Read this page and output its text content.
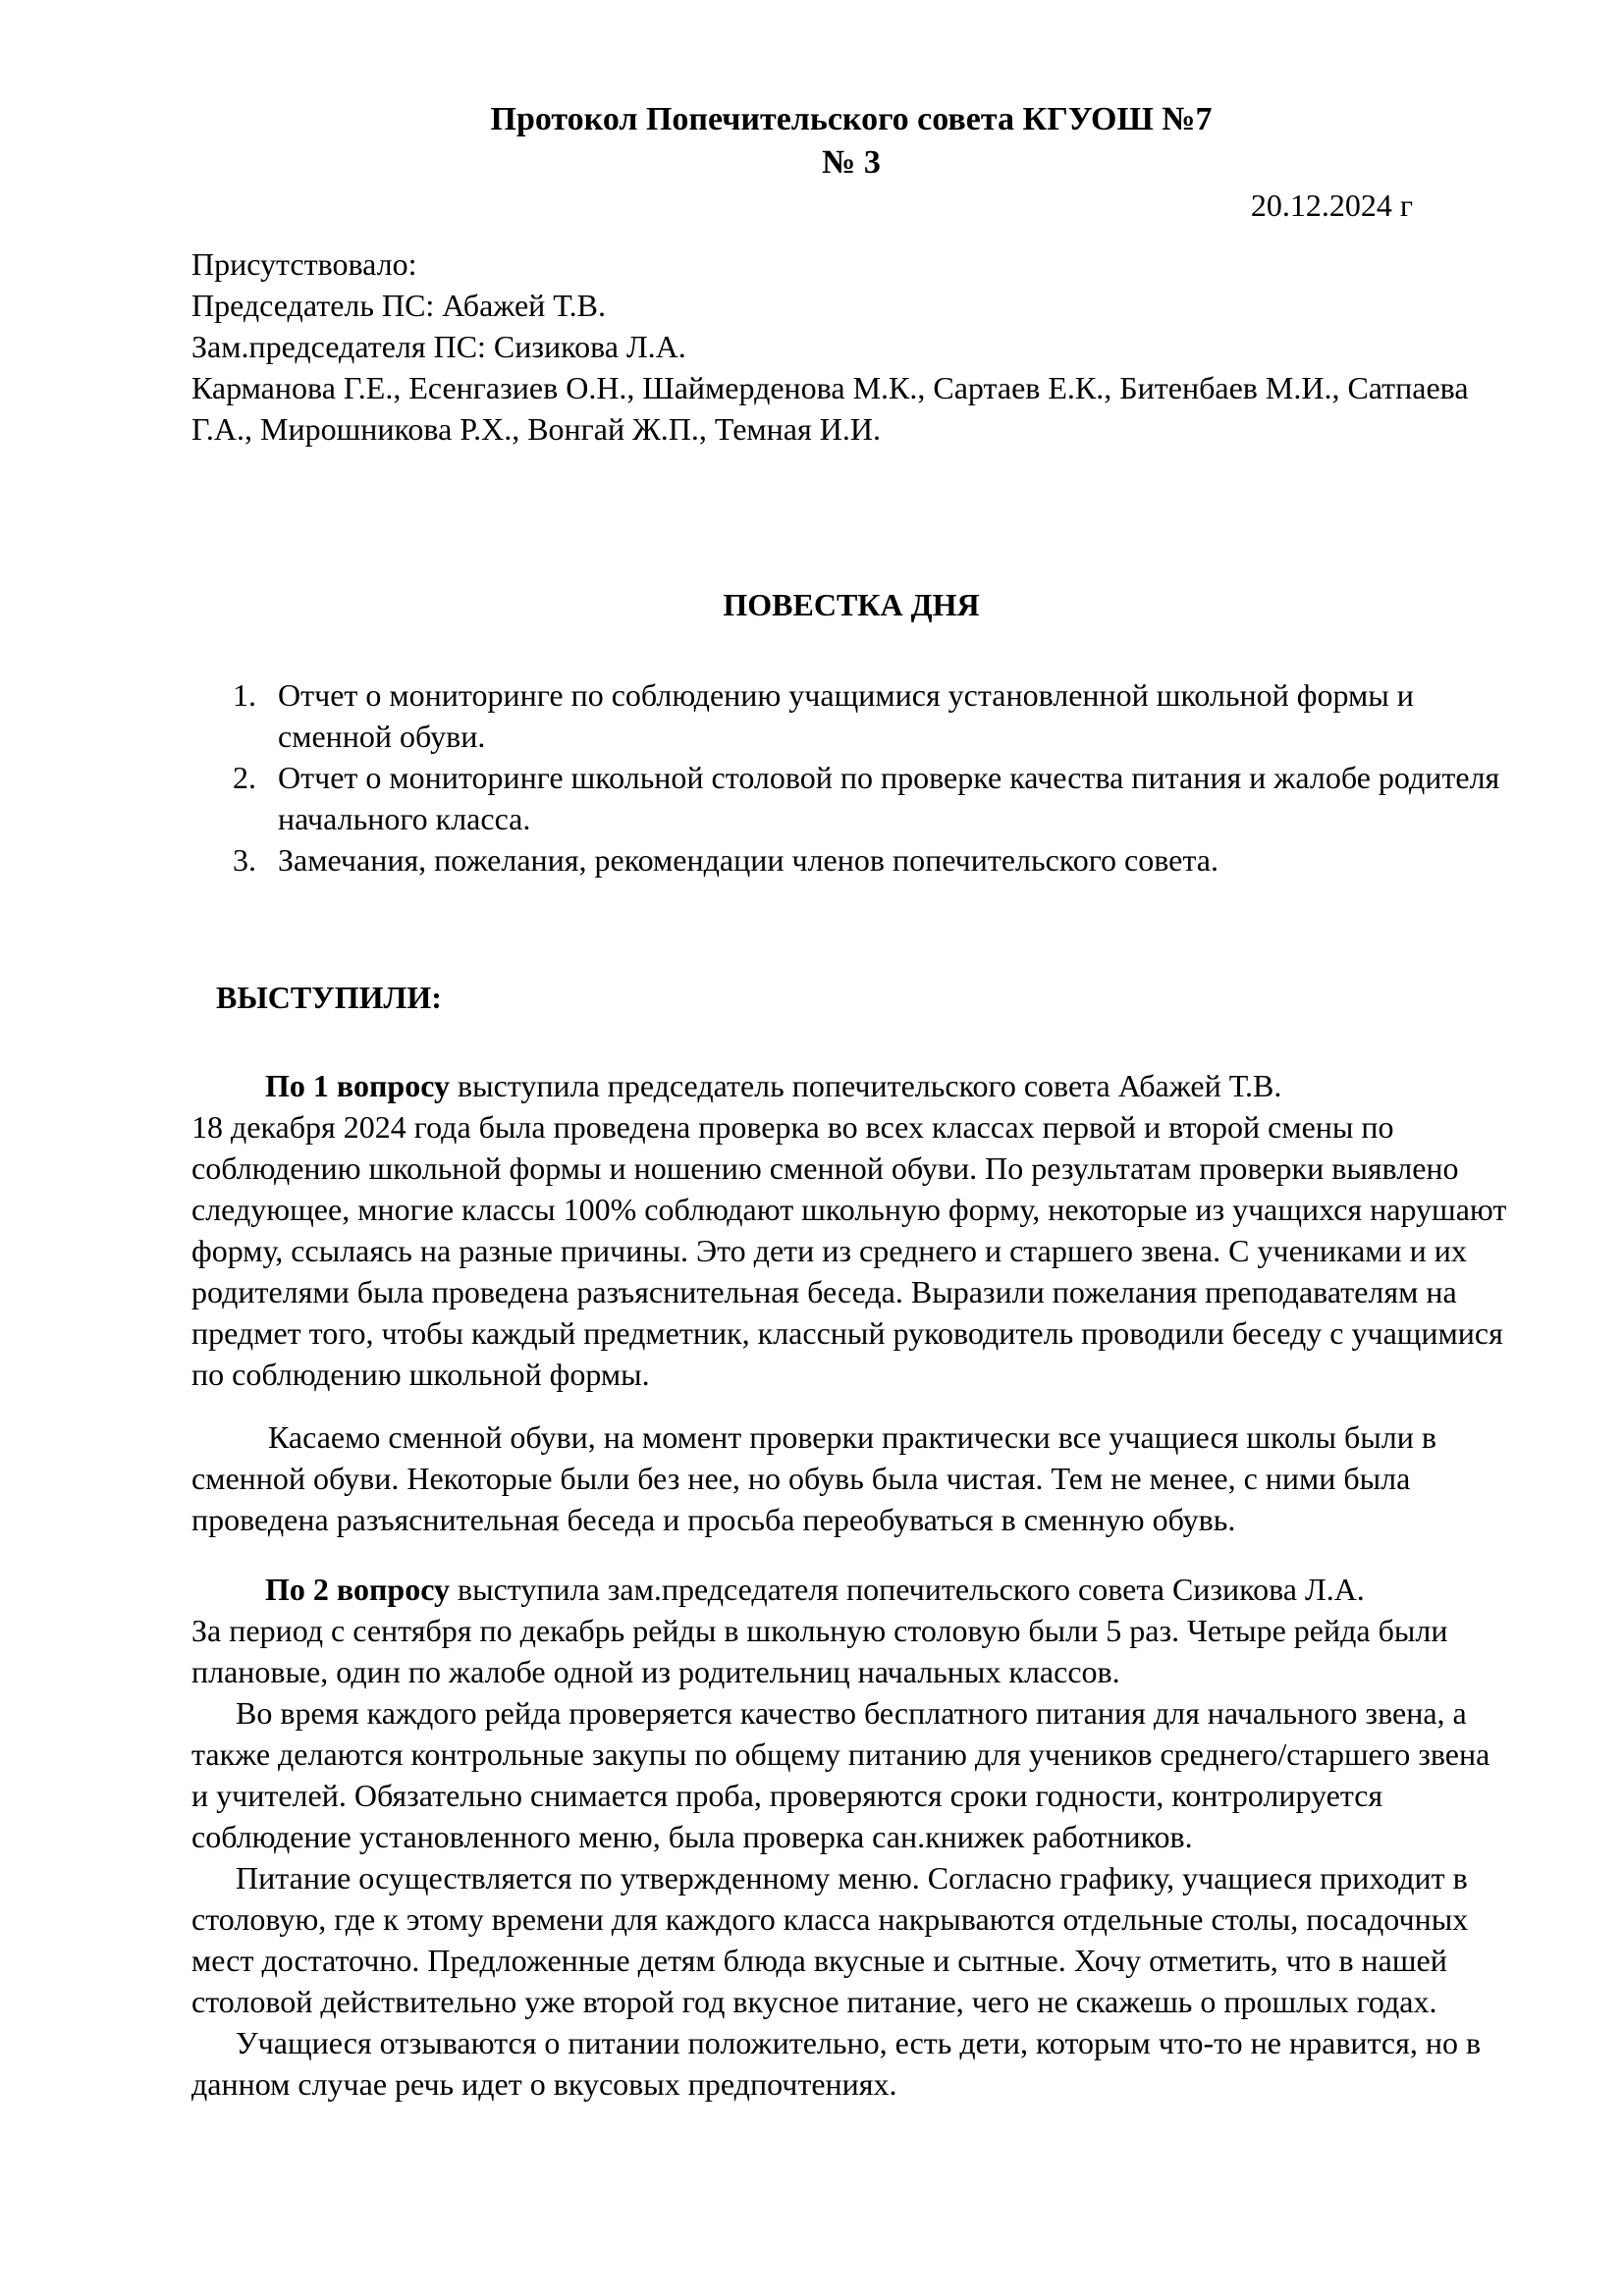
Протокол Попечительского совета КГУОШ №7
№ 3
20.12.2024 г

Присутствовало:

Председатель ПС: Абажей Т.В.

Зам.председателя ПС: Сизикова Л.А.

Карманова Г.Е., Есенгазиев О.Н., Шаймерденова М.К., Сартаев Е.К., Битенбаев М.И., Сатпаева Г.А., Мирошникова Р.Х., Вонгай Ж.П., Темная И.И.

ПОВЕСТКА ДНЯ
1. Отчет о мониторинге по соблюдению учащимися установленной школьной формы и сменной обуви.
2. Отчет о мониторинге школьной столовой по проверке качества питания и жалобе родителя начального класса.
3. Замечания, пожелания, рекомендации членов попечительского совета.
ВЫСТУПИЛИ:

По 1 вопросу выступила председатель попечительского совета Абажей Т.В.

18 декабря 2024 года была проведена проверка во всех классах первой и второй смены по соблюдению школьной формы и ношению сменной обуви. По результатам проверки выявлено следующее, многие классы 100% соблюдают школьную форму, некоторые из учащихся нарушают форму, ссылаясь на разные причины. Это дети из среднего и старшего звена. С учениками и их родителями была проведена разъяснительная беседа. Выразили пожелания преподавателям на предмет того, чтобы каждый предметник, классный руководитель проводили беседу с учащимися по соблюдению школьной формы.

Касаемо сменной обуви, на момент проверки практически все учащиеся школы были в сменной обуви. Некоторые были без нее, но обувь была чистая. Тем не менее, с ними была проведена разъяснительная беседа и просьба переобуваться в сменную обувь.

По 2 вопросу выступила зам.председателя попечительского совета Сизикова Л.А.

За период с сентября по декабрь рейды в школьную столовую были 5 раз. Четыре рейда были плановые, один по жалобе одной из родительниц начальных классов.

Во время каждого рейда проверяется качество бесплатного питания для начального звена, а также делаются контрольные закупы по общему питанию для учеников среднего/старшего звена и учителей. Обязательно снимается проба, проверяются сроки годности, контролируется соблюдение установленного меню, была проверка сан.книжек работников.

Питание осуществляется по утвержденному меню. Согласно графику, учащиеся приходит в столовую, где к этому времени для каждого класса накрываются отдельные столы, посадочных мест достаточно. Предложенные детям блюда вкусные и сытные. Хочу отметить, что в нашей столовой действительно уже второй год вкусное питание, чего не скажешь о прошлых годах.

Учащиеся отзываются о питании положительно, есть дети, которым что-то не нравится, но в данном случае речь идет о вкусовых предпочтениях.
